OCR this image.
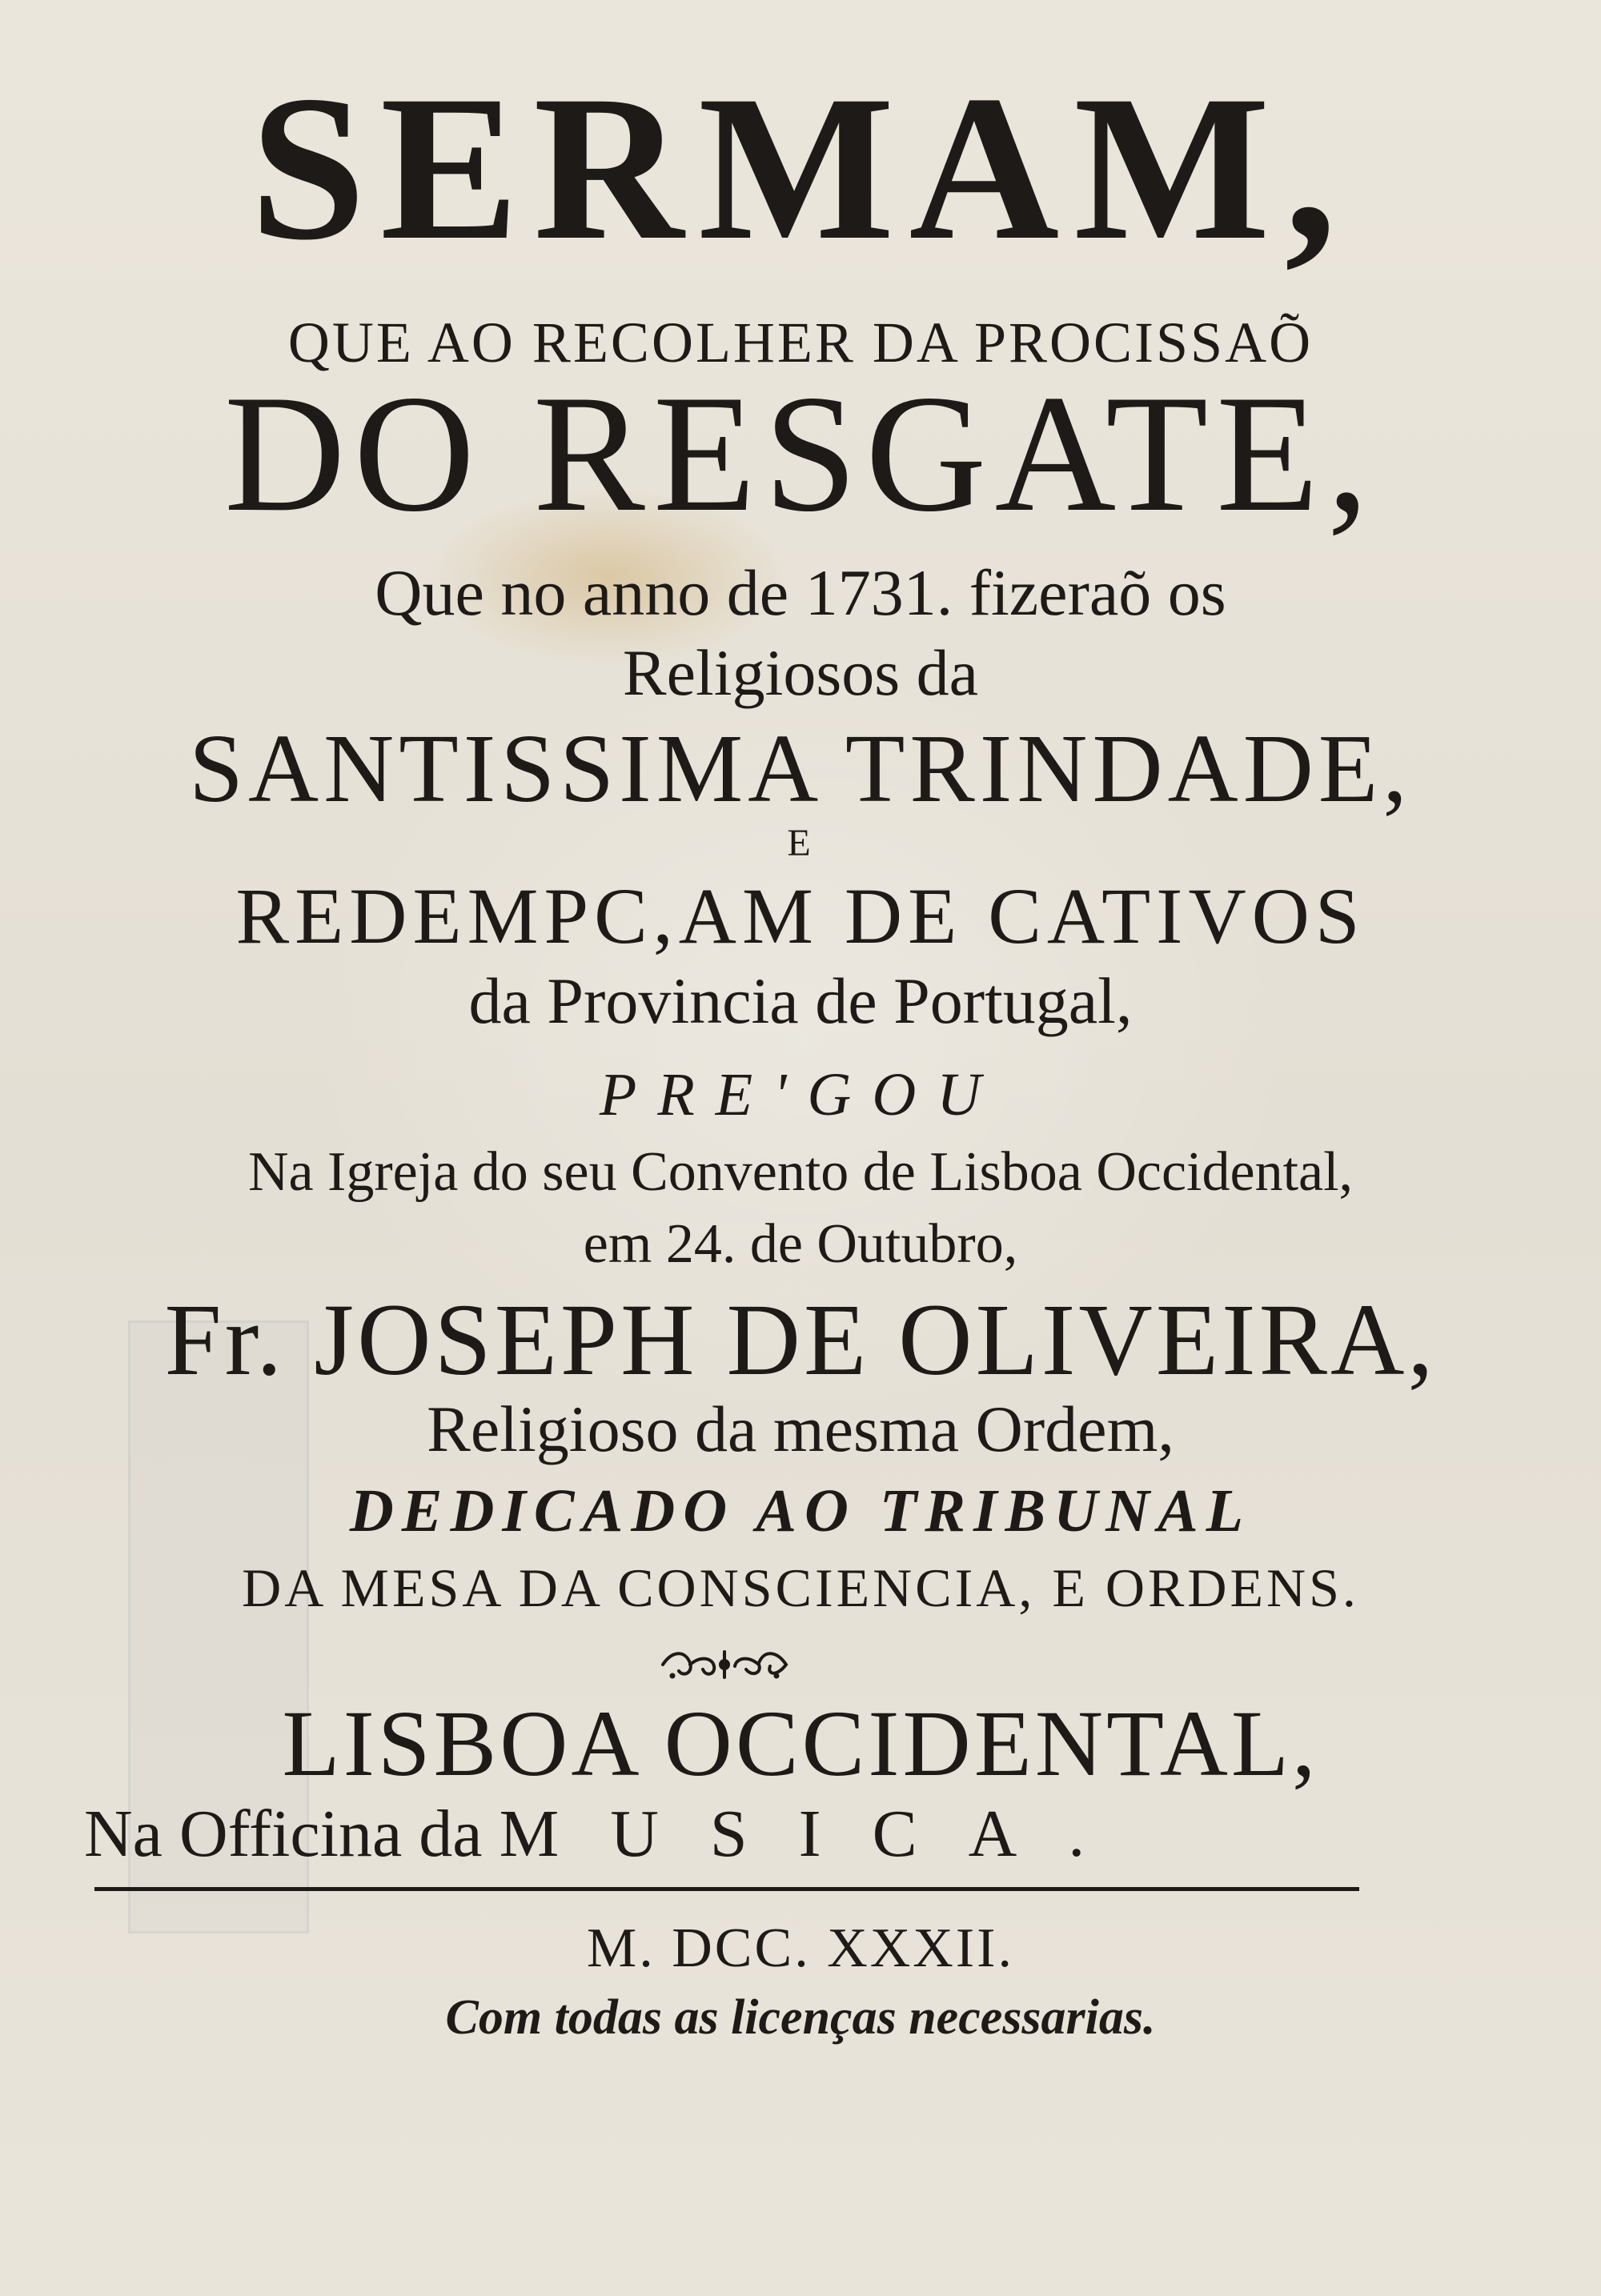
SERMAM,
QUE AO RECOLHER DA PROCISSAÕ
DO RESGATE,
Que no anno de 1731. fizeraõ os
Religiosos da
SANTISSIMA TRINDADE,
E
REDEMPC,AM DE CATIVOS
da Provincia de Portugal,
PRE'GOU
Na Igreja do seu Convento de Lisboa Occidental,
em 24. de Outubro,
Fr. JOSEPH DE OLIVEIRA,
Religioso da mesma Ordem,
DEDICADO AO TRIBUNAL
DA MESA DA CONSCIENCIA, E ORDENS.
LISBOA OCCIDENTAL,
Na Officina da MUSICA.
M. DCC. XXXII.
Com todas as licenças necessarias.
